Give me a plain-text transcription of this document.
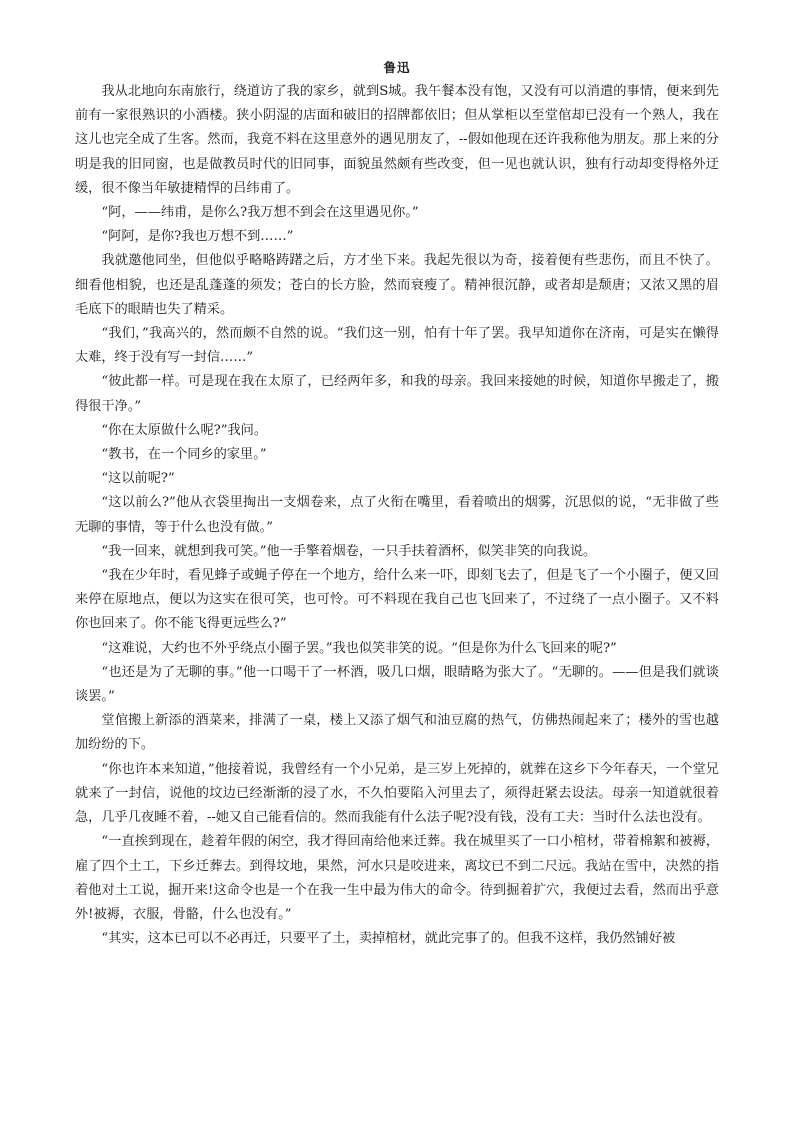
鲁迅

我从北地向东南旅行，绕道访了我的家乡，就到S城。我午餐本没有饱，又没有可以消遣的事情，便来到先前有一家很熟识的小酒楼。狭小阴湿的店面和破旧的招牌都依旧；但从掌柜以至堂倌却已没有一个熟人，我在这儿也完全成了生客。然而，我竟不料在这里意外的遇见朋友了，--假如他现在还许我称他为朋友。那上来的分明是我的旧同窗，也是做教员时代的旧同事，面貌虽然颇有些改变，但一见也就认识，独有行动却变得格外迂缓，很不像当年敏捷精悍的吕纬甫了。

“阿，——纬甫，是你么?我万想不到会在这里遇见你。”

“阿阿，是你?我也万想不到……”

我就邀他同坐，但他似乎略略踌躇之后，方才坐下来。我起先很以为奇，接着便有些悲伤，而且不快了。细看他相貌，也还是乱蓬蓬的须发；苍白的长方脸，然而衰瘦了。精神很沉静，或者却是颓唐；又浓又黑的眉毛底下的眼睛也失了精采。

“我们，”我高兴的，然而颇不自然的说。“我们这一别，怕有十年了罢。我早知道你在济南，可是实在懒得太难，终于没有写一封信……”

“彼此都一样。可是现在我在太原了，已经两年多，和我的母亲。我回来接她的时候，知道你早搬走了，搬得很干净。”

“你在太原做什么呢?”我问。

“教书，在一个同乡的家里。”

“这以前呢?”

“这以前么?”他从衣袋里掏出一支烟卷来，点了火衔在嘴里，看着喷出的烟雾，沉思似的说，“无非做了些无聊的事情，等于什么也没有做。”

“我一回来，就想到我可笑。”他一手擎着烟卷，一只手扶着酒杯，似笑非笑的向我说。

“我在少年时，看见蜂子或蝇子停在一个地方，给什么来一吓，即刻飞去了，但是飞了一个小圈子，便又回来停在原地点，便以为这实在很可笑，也可怜。可不料现在我自己也飞回来了，不过绕了一点小圈子。又不料你也回来了。你不能飞得更远些么?”

“这难说，大约也不外乎绕点小圈子罢。”我也似笑非笑的说。“但是你为什么飞回来的呢?”

“也还是为了无聊的事。”他一口喝干了一杯酒，吸几口烟，眼睛略为张大了。“无聊的。——但是我们就谈谈罢。”

堂倌搬上新添的酒菜来，排满了一桌，楼上又添了烟气和油豆腐的热气，仿佛热闹起来了；楼外的雪也越加纷纷的下。

“你也许本来知道，”他接着说，我曾经有一个小兄弟，是三岁上死掉的，就葬在这乡下今年春天，一个堂兄就来了一封信，说他的坟边已经渐渐的浸了水，不久怕要陷入河里去了，须得赶紧去设法。母亲一知道就很着急，几乎几夜睡不着，--她又自己能看信的。然而我能有什么法子呢?没有钱，没有工夫：当时什么法也没有。

“一直挨到现在，趁着年假的闲空，我才得回南给他来迁葬。我在城里买了一口小棺材，带着棉絮和被褥，雇了四个土工，下乡迁葬去。到得坟地，果然，河水只是咬进来，离坟已不到二尺远。我站在雪中，决然的指着他对土工说，掘开来!这命令也是一个在我一生中最为伟大的命令。待到掘着扩穴，我便过去看，然而出乎意外!被褥，衣服，骨骼，什么也没有。”

“其实，这本已可以不必再迁，只要平了土，卖掉棺材，就此完事了的。但我不这样，我仍然铺好被
